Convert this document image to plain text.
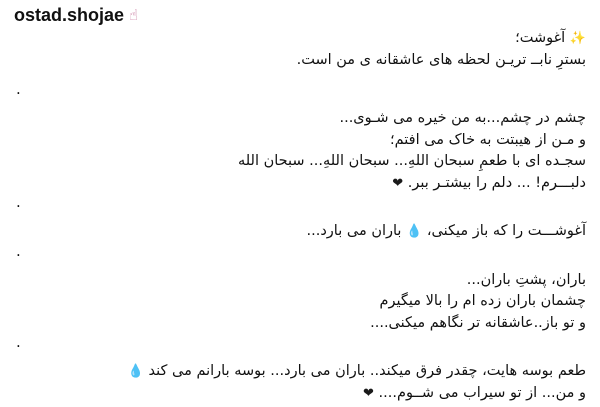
ostad.shojae ☝
✨ آغوشت؛
بسترِ نابــ تریـن لحظه های عاشقانه ی من است.
.
چشم در چشم...به من خیره می شـوی...
و مـن از هیبتت به خاک می افتم؛
سجـده ای با طعمِ سبحان اللهِ... سبحان اللهِ... سبحان الله
دلبـــرم! ... دلم را بیشتـر ببر. ❤
.
آغوشـــت را که باز میکنی، 💧 باران می بارد...
.
باران، پشتِ باران...
چشمان باران زده ام را بالا میگیرم
و تو باز..عاشقانه تر نگاهم میکنی....
.
طعم بوسه هایت، چقدر فرق میکند.. باران می بارد... بوسه بارانم می کند 💧
و من... از تو سیراب می شــوم.... ❤
